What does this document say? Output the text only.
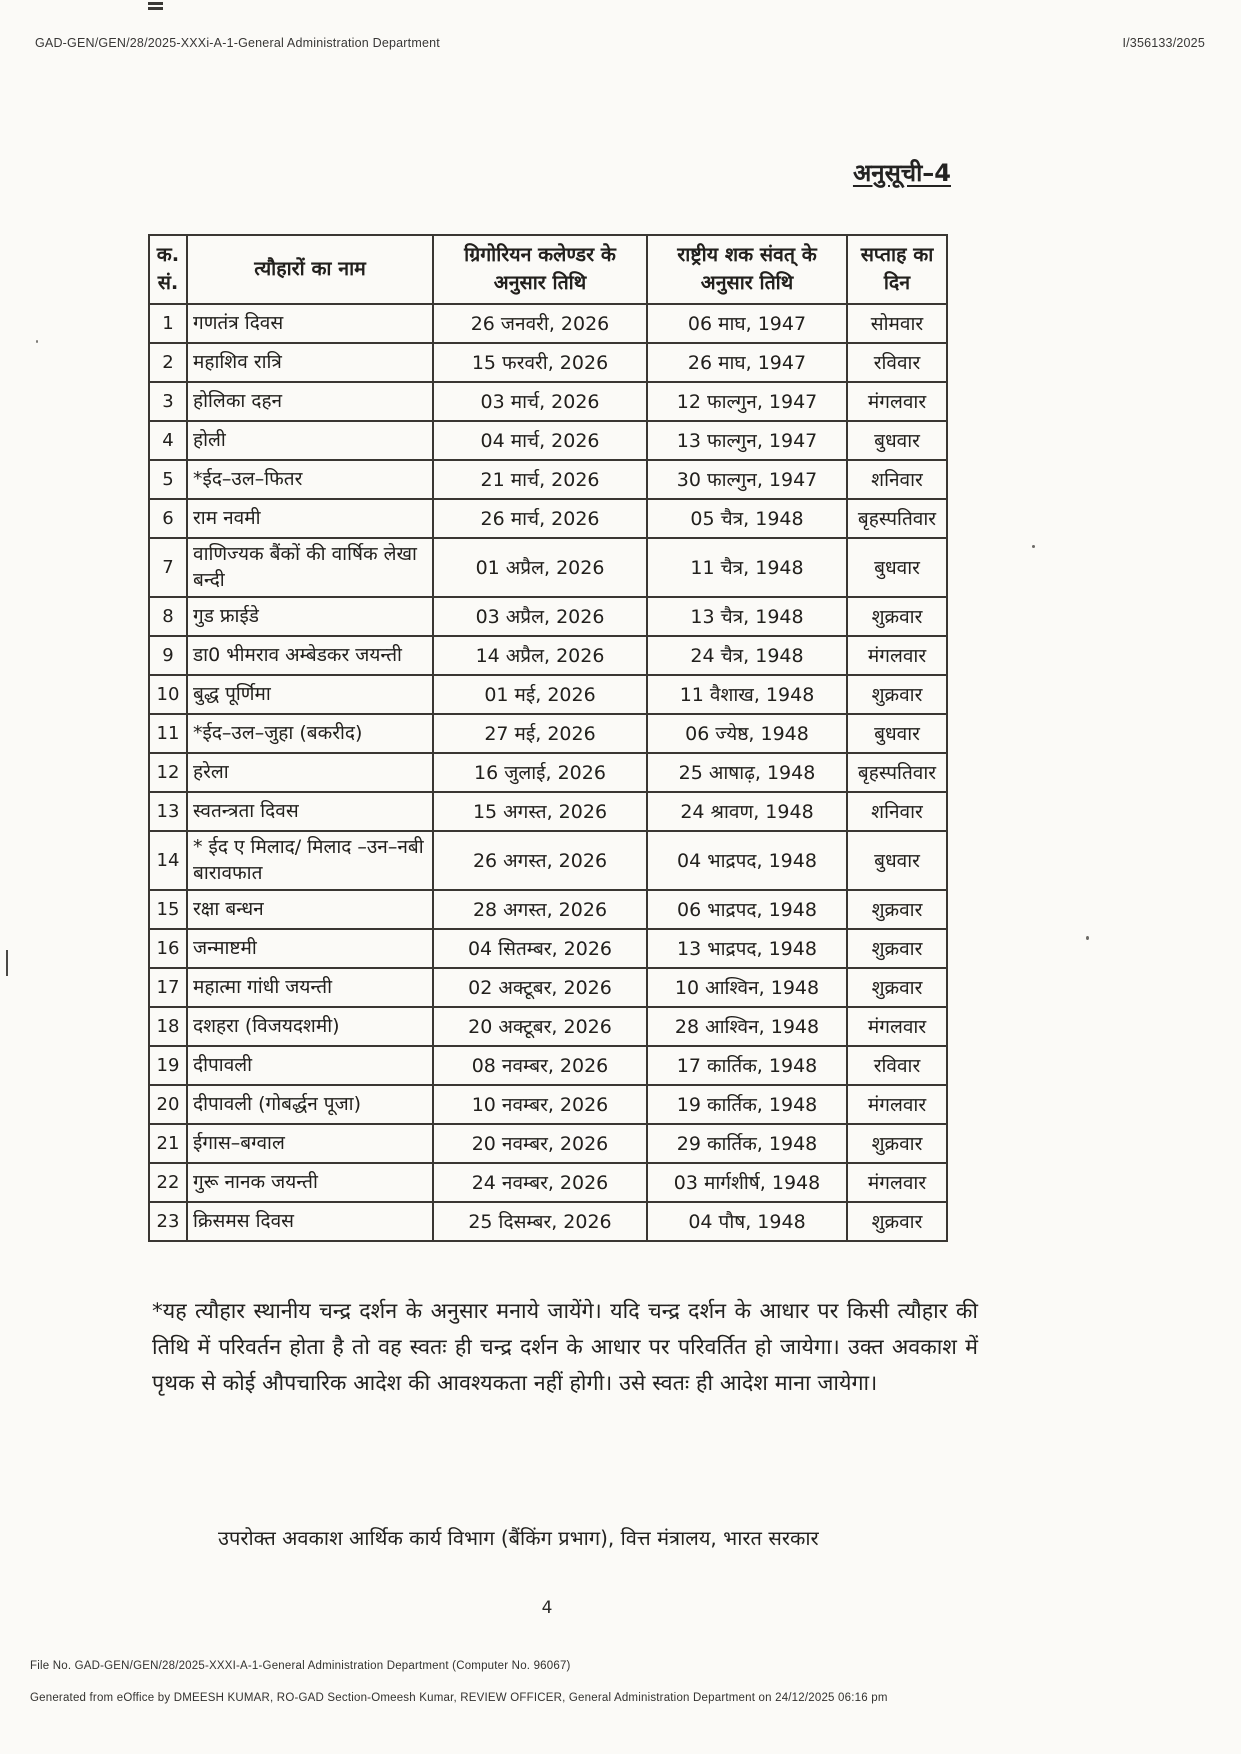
GAD-GEN/GEN/28/2025-XXXi-A-1-General Administration Department	I/356133/2025
अनुसूची–4
क. सं.	त्यौहारों का नाम	ग्रिगोरियन कलेण्डर के अनुसार तिथि	राष्ट्रीय शक संवत् के अनुसार तिथि	सप्ताह का दिन
1	गणतंत्र दिवस	26 जनवरी, 2026	06 माघ, 1947	सोमवार
2	महाशिव रात्रि	15 फरवरी, 2026	26 माघ, 1947	रविवार
3	होलिका दहन	03 मार्च, 2026	12 फाल्गुन, 1947	मंगलवार
4	होली	04 मार्च, 2026	13 फाल्गुन, 1947	बुधवार
5	*ईद–उल–फितर	21 मार्च, 2026	30 फाल्गुन, 1947	शनिवार
6	राम नवमी	26 मार्च, 2026	05 चैत्र, 1948	बृहस्पतिवार
7	वाणिज्यक बैंकों की वार्षिक लेखा बन्दी	01 अप्रैल, 2026	11 चैत्र, 1948	बुधवार
8	गुड फ्राईडे	03 अप्रैल, 2026	13 चैत्र, 1948	शुक्रवार
9	डा0 भीमराव अम्बेडकर जयन्ती	14 अप्रैल, 2026	24 चैत्र, 1948	मंगलवार
10	बुद्ध पूर्णिमा	01 मई, 2026	11 वैशाख, 1948	शुक्रवार
11	*ईद–उल–जुहा (बकरीद)	27 मई, 2026	06 ज्येष्ठ, 1948	बुधवार
12	हरेला	16 जुलाई, 2026	25 आषाढ़, 1948	बृहस्पतिवार
13	स्वतन्त्रता दिवस	15 अगस्त, 2026	24 श्रावण, 1948	शनिवार
14	* ईद ए मिलाद/ मिलाद –उन–नबी बारावफात	26 अगस्त, 2026	04 भाद्रपद, 1948	बुधवार
15	रक्षा बन्धन	28 अगस्त, 2026	06 भाद्रपद, 1948	शुक्रवार
16	जन्माष्टमी	04 सितम्बर, 2026	13 भाद्रपद, 1948	शुक्रवार
17	महात्मा गांधी जयन्ती	02 अक्टूबर, 2026	10 आश्विन, 1948	शुक्रवार
18	दशहरा (विजयदशमी)	20 अक्टूबर, 2026	28 आश्विन, 1948	मंगलवार
19	दीपावली	08 नवम्बर, 2026	17 कार्तिक, 1948	रविवार
20	दीपावली (गोबर्द्धन पूजा)	10 नवम्बर, 2026	19 कार्तिक, 1948	मंगलवार
21	ईगास–बग्वाल	20 नवम्बर, 2026	29 कार्तिक, 1948	शुक्रवार
22	गुरू नानक जयन्ती	24 नवम्बर, 2026	03 मार्गशीर्ष, 1948	मंगलवार
23	क्रिसमस दिवस	25 दिसम्बर, 2026	04 पौष, 1948	शुक्रवार
*यह त्यौहार स्थानीय चन्द्र दर्शन के अनुसार मनाये जायेंगे। यदि चन्द्र दर्शन के आधार पर किसी त्यौहार की तिथि में परिवर्तन होता है तो वह स्वतः ही चन्द्र दर्शन के आधार पर परिवर्तित हो जायेगा। उक्त अवकाश में पृथक से कोई औपचारिक आदेश की आवश्यकता नहीं होगी। उसे स्वतः ही आदेश माना जायेगा।
उपरोक्त अवकाश आर्थिक कार्य विभाग (बैंकिंग प्रभाग), वित्त मंत्रालय, भारत सरकार
4
File No. GAD-GEN/GEN/28/2025-XXXI-A-1-General Administration Department (Computer No. 96067)
Generated from eOffice by DMEESH KUMAR, RO-GAD Section-Omeesh Kumar, REVIEW OFFICER, General Administration Department on 24/12/2025 06:16 pm
